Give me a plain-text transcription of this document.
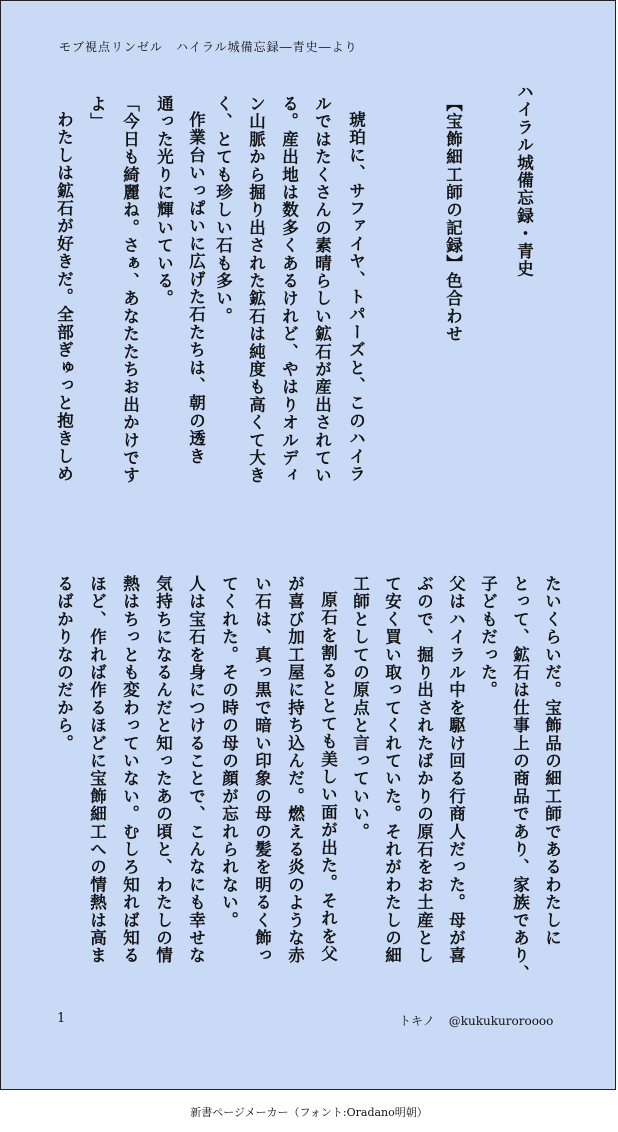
モブ視点リンゼル　ハイラル城備忘録―青史―より
ハイラル城備忘録・青史
【宝飾細工師の記録】色合わせ
琥珀に、サファイヤ、トパーズと、このハイラ
ルではたくさんの素晴らしい鉱石が産出されてい
る。産出地は数多くあるけれど、やはりオルディ
ン山脈から掘り出された鉱石は純度も高くて大き
く、とても珍しい石も多い。
作業台いっぱいに広げた石たちは、朝の透き
通った光りに輝いている。
「今日も綺麗ね。さぁ、あなたたちお出かけです
よ」
わたしは鉱石が好きだ。全部ぎゅっと抱きしめ
たいくらいだ。宝飾品の細工師であるわたしに
とって、鉱石は仕事上の商品であり、家族であり、
子どもだった。
父はハイラル中を駆け回る行商人だった。母が喜
ぶので、掘り出されたばかりの原石をお土産とし
て安く買い取ってくれていた。それがわたしの細
工師としての原点と言っていい。
原石を割るととても美しい面が出た。それを父
が喜び加工屋に持ち込んだ。燃える炎のような赤
い石は、真っ黒で暗い印象の母の髪を明るく飾っ
てくれた。その時の母の顔が忘れられない。
人は宝石を身につけることで、こんなにも幸せな
気持ちになるんだと知ったあの頃と、わたしの情
熱はちっとも変わっていない。むしろ知れば知る
ほど、作れば作るほどに宝飾細工への情熱は高ま
るばかりなのだから。
1	トキノ @kukukuroroooo
新書ページメーカー（フォント:Oradano明朝）
